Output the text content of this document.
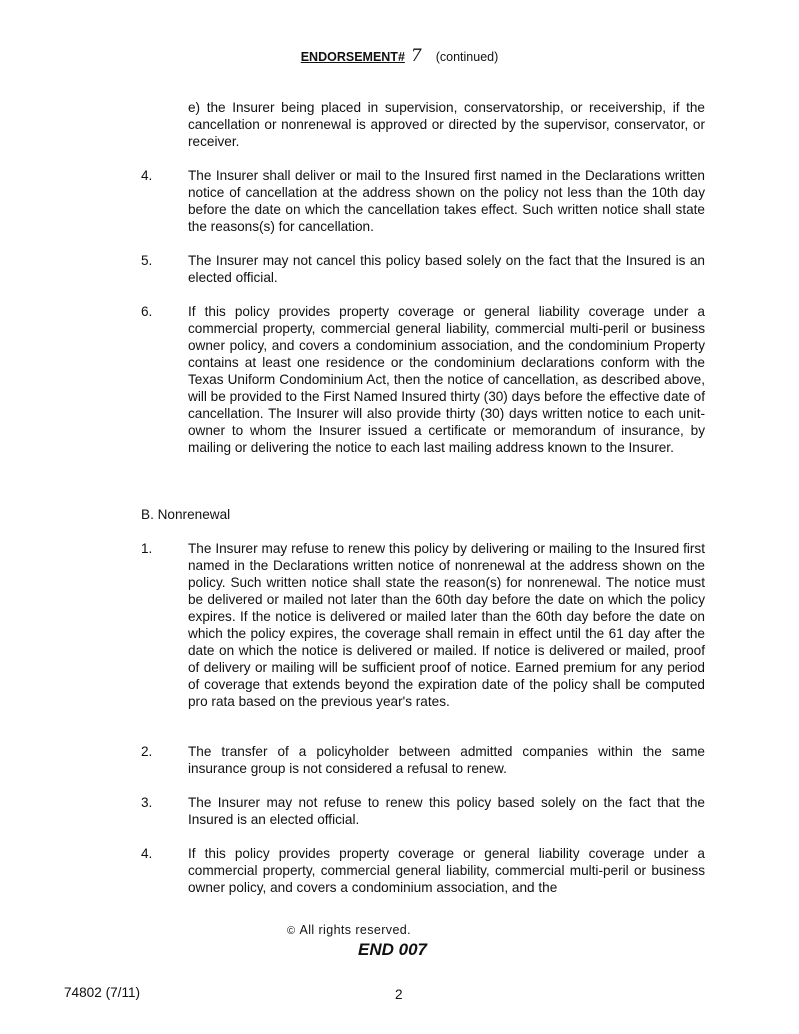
ENDORSEMENT# 7 (continued)
e) the Insurer being placed in supervision, conservatorship, or receivership, if the cancellation or nonrenewal is approved or directed by the supervisor, conservator, or receiver.
4.	The Insurer shall deliver or mail to the Insured first named in the Declarations written notice of cancellation at the address shown on the policy not less than the 10th day before the date on which the cancellation takes effect. Such written notice shall state the reasons(s) for cancellation.
5.	The Insurer may not cancel this policy based solely on the fact that the Insured is an elected official.
6.	If this policy provides property coverage or general liability coverage under a commercial property, commercial general liability, commercial multi-peril or business owner policy, and covers a condominium association, and the condominium Property contains at least one residence or the condominium declarations conform with the Texas Uniform Condominium Act, then the notice of cancellation, as described above, will be provided to the First Named Insured thirty (30) days before the effective date of cancellation. The Insurer will also provide thirty (30) days written notice to each unit-owner to whom the Insurer issued a certificate or memorandum of insurance, by mailing or delivering the notice to each last mailing address known to the Insurer.
B. Nonrenewal
1.	The Insurer may refuse to renew this policy by delivering or mailing to the Insured first named in the Declarations written notice of nonrenewal at the address shown on the policy. Such written notice shall state the reason(s) for nonrenewal. The notice must be delivered or mailed not later than the 60th day before the date on which the policy expires. If the notice is delivered or mailed later than the 60th day before the date on which the policy expires, the coverage shall remain in effect until the 61 day after the date on which the notice is delivered or mailed. If notice is delivered or mailed, proof of delivery or mailing will be sufficient proof of notice. Earned premium for any period of coverage that extends beyond the expiration date of the policy shall be computed pro rata based on the previous year's rates.
2.	The transfer of a policyholder between admitted companies within the same insurance group is not considered a refusal to renew.
3.	The Insurer may not refuse to renew this policy based solely on the fact that the Insured is an elected official.
4.	If this policy provides property coverage or general liability coverage under a commercial property, commercial general liability, commercial multi-peril or business owner policy, and covers a condominium association, and the
© All rights reserved.
END 007
74802 (7/11)	2
